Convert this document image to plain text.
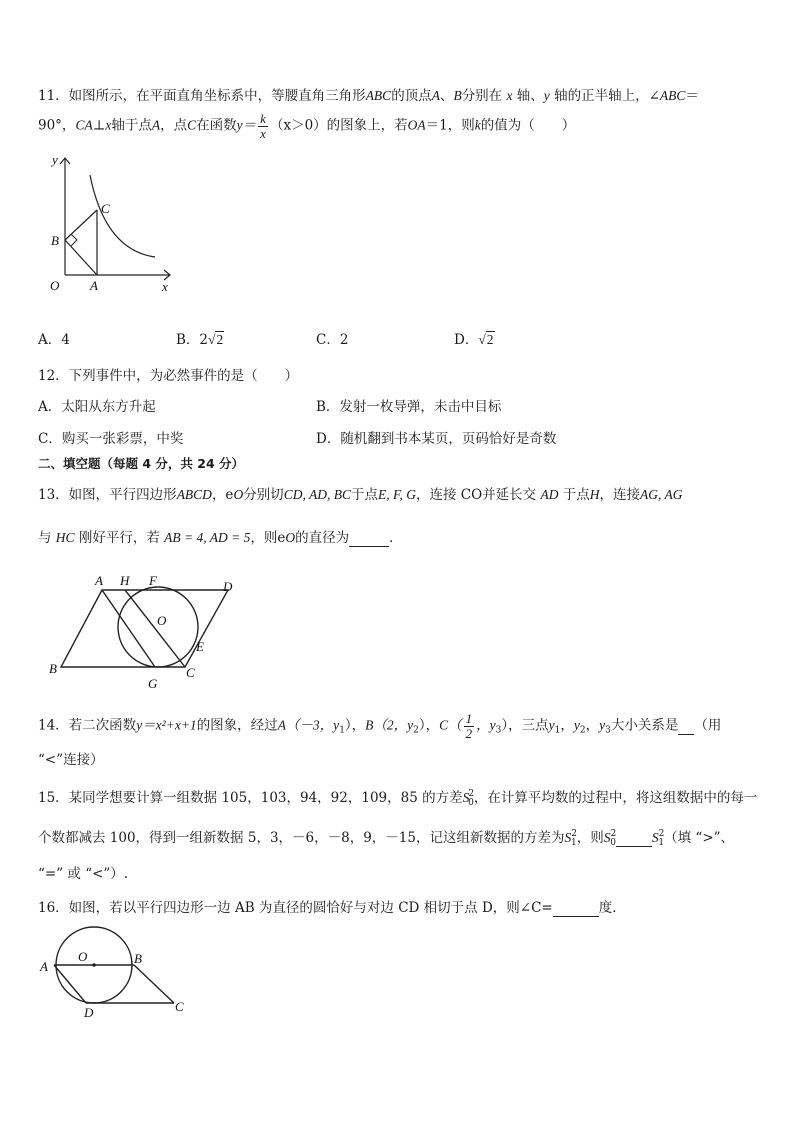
11．如图所示，在平面直角坐标系中，等腰直角三角形ABC的顶点A、B分别在 x 轴、y 轴的正半轴上，∠ABC＝
90°，CA⊥x轴于点A，点C在函数$y= \frac{k}{x} (x>0)$的图象上，若OA＝1，则k的值为（　　）
y
x
O A
B
C
A．4	B．2√2	C．2	D．√2
12．下列事件中，为必然事件的是（　　）
A．太阳从东方升起	B．发射一枚导弹，未击中目标
C．购买一张彩票，中奖	D．随机翻到书本某页，页码恰好是奇数
二、填空题（每题 4 分，共 24 分）
13．如图，平行四边形ABCD，eO分别切CD, AD, BC于点E, F, G，连接 CO并延长交 AD 于点H，连接AG, AG
与 HC 刚好平行，若 AB = 4, AD = 5，则eO的直径为	．
A H F	D
O
E
B
G
C
14．若二次函数y＝x²+x+1的图象，经过A（－3，$y_1$），B（2，$y_2$），$C( \frac{1}{2}$ ，$y_3$），三点$y_1$，$y_2$，$y_3$大小关系是 （用
“<”连接）
15．某同学想要计算一组数据 105，103，94，92，109，85 的方差$S^2_0$，在计算平均数的过程中，将这组数据中的每一
个数都减去 100，得到一组新数据 5，3，－6，－8，9，－15，记这组新数据的方差为$S^2_1$，则$S^2_0$	$S^2_1$（填 “>”、
“=” 或 “<”）.
16．如图，若以平行四边形一边 AB 为直径的圆恰好与对边 CD 相切于点 D，则∠C=	度．
A
O	B
D	C
